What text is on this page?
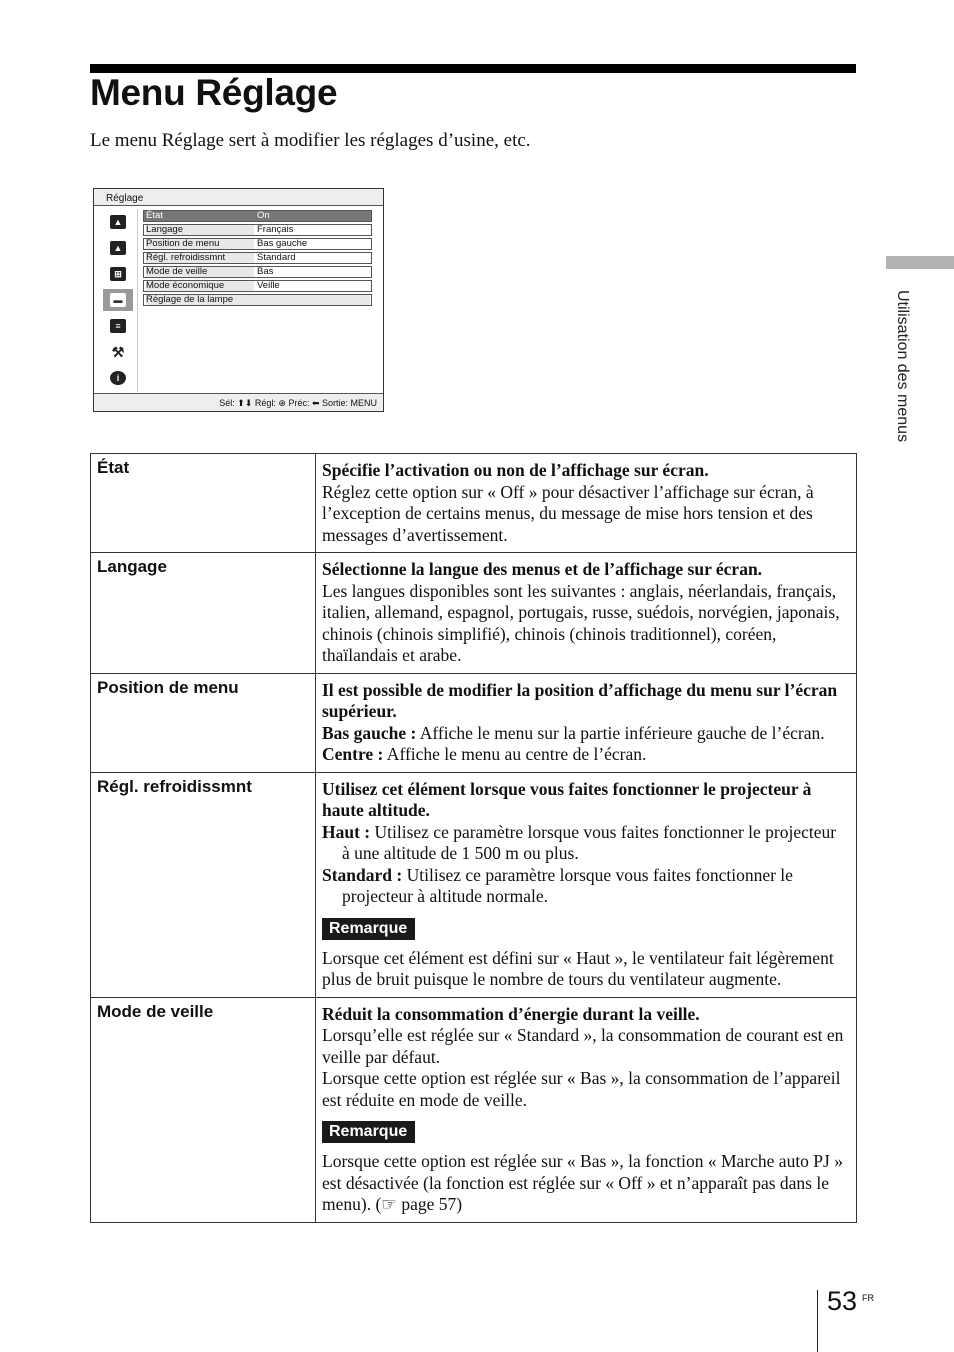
Menu Réglage

Le menu Réglage sert à modifier les réglages d’usine, etc.

Utilisation des menus
Réglage
▲
▲
⊞
▬
≡
⚒
i
État	On
Langage	Français
Position de menu	Bas gauche
Régl. refroidissmnt	Standard
Mode de veille	Bas
Mode économique	Veille
Réglage de la lampe
Sél: ⬆⬇ Régl: ⊕ Préc: ⬅ Sortie: MENU
État	Spécifie l’activation ou non de l’affichage sur écran.
Réglez cette option sur « Off » pour désactiver l’affichage sur écran, à l’exception de certains menus, du message de mise hors tension et des messages d’avertissement.

Langage	Sélectionne la langue des menus et de l’affichage sur écran.
Les langues disponibles sont les suivantes : anglais, néerlandais, français, italien, allemand, espagnol, portugais, russe, suédois, norvégien, japonais, chinois (chinois simplifié), chinois (chinois traditionnel), coréen, thaïlandais et arabe.

Position de menu	Il est possible de modifier la position d’affichage du menu sur l’écran supérieur.
Bas gauche : Affiche le menu sur la partie inférieure gauche de l’écran.
Centre : Affiche le menu au centre de l’écran.

Régl. refroidissmnt	Utilisez cet élément lorsque vous faites fonctionner le projecteur à haute altitude.
Haut : Utilisez ce paramètre lorsque vous faites fonctionner le projecteur à une altitude de 1 500 m ou plus.
Standard : Utilisez ce paramètre lorsque vous faites fonctionner le projecteur à altitude normale.
Remarque
Lorsque cet élément est défini sur « Haut », le ventilateur fait légèrement plus de bruit puisque le nombre de tours du ventilateur augmente.

Mode de veille	Réduit la consommation d’énergie durant la veille.
Lorsqu’elle est réglée sur « Standard », la consommation de courant est en veille par défaut.
Lorsque cette option est réglée sur « Bas », la consommation de l’appareil est réduite en mode de veille.
Remarque
Lorsque cette option est réglée sur « Bas », la fonction « Marche auto PJ » est désactivée (la fonction est réglée sur « Off » et n’apparaît pas dans le menu). (☞ page 57)
53 FR
